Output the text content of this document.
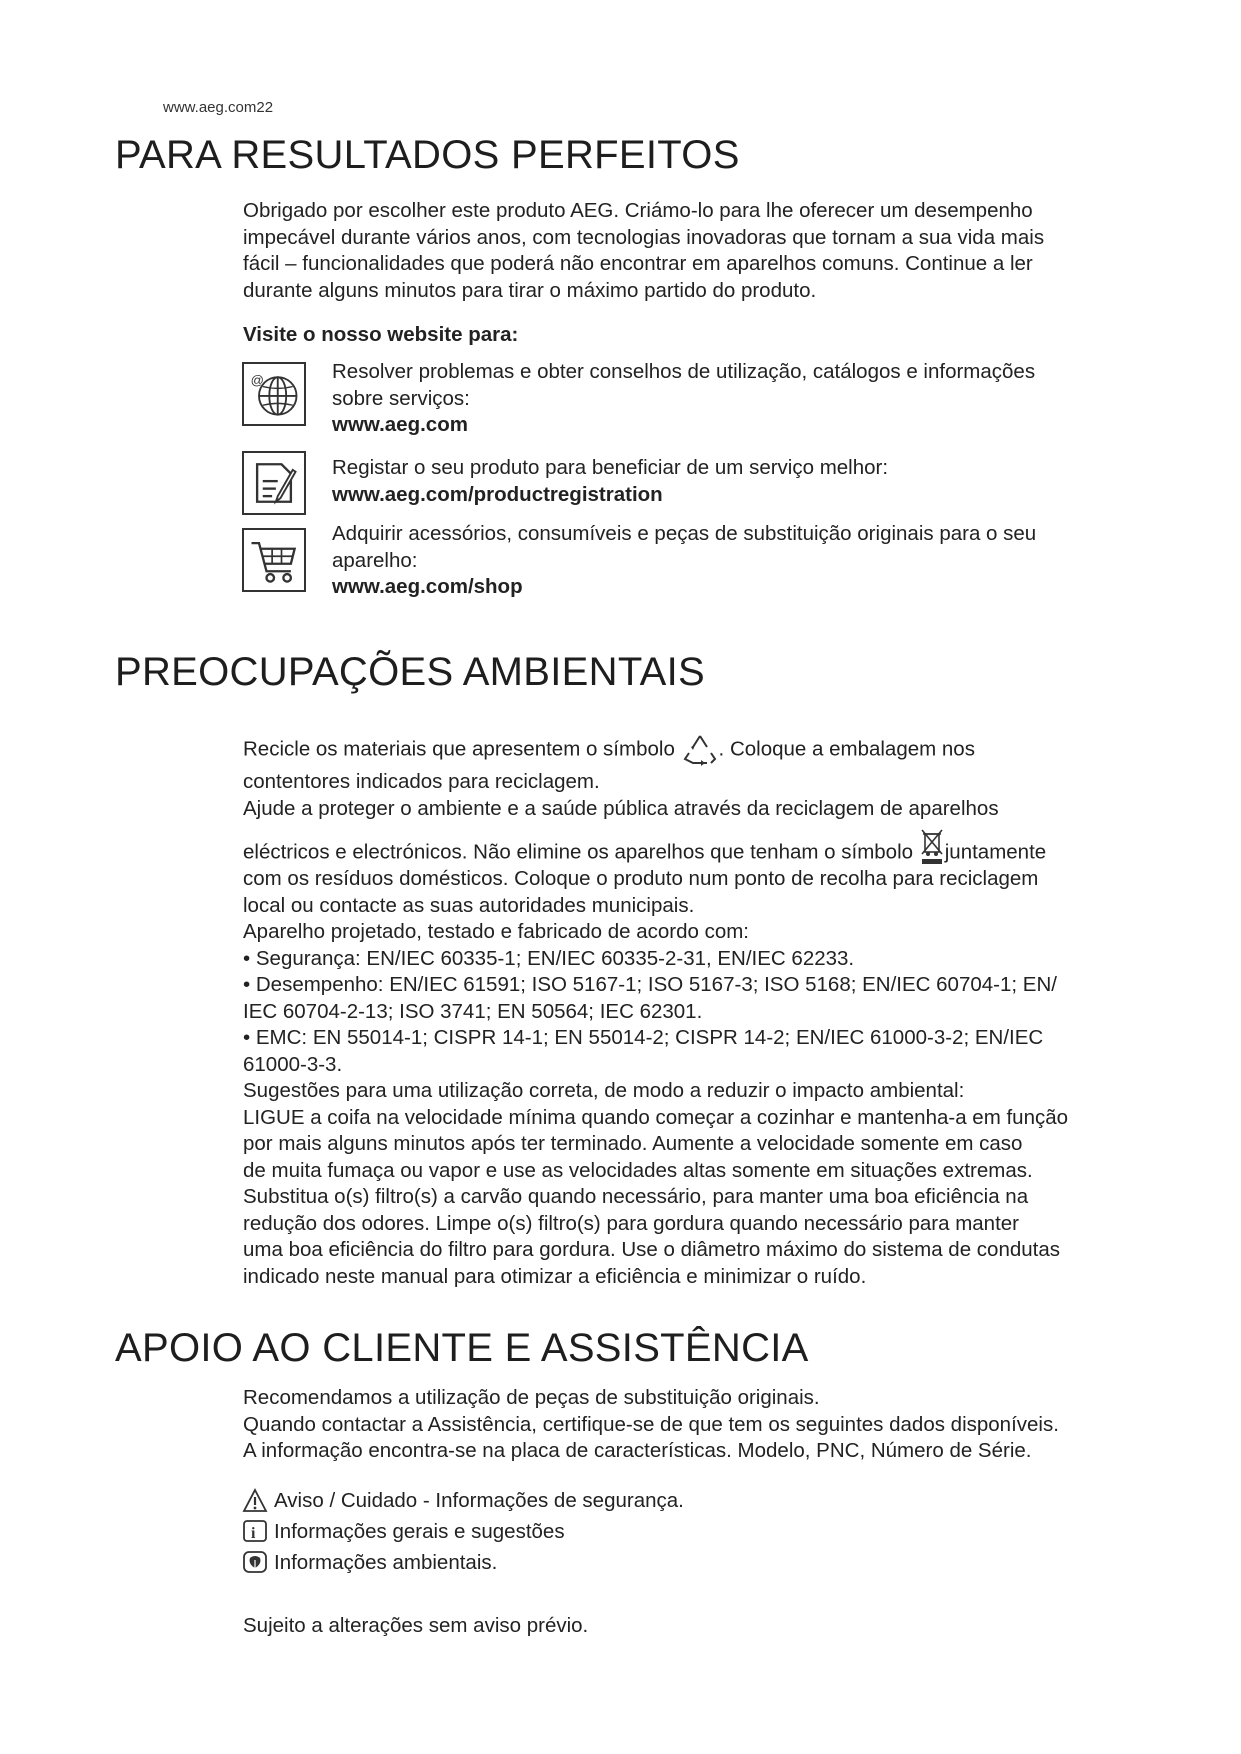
www.aeg.com22
PARA RESULTADOS PERFEITOS

Obrigado por escolher este produto AEG. Criámo-lo para lhe oferecer um desempenho

impecável durante vários anos, com tecnologias inovadoras que tornam a sua vida mais

fácil – funcionalidades que poderá não encontrar em aparelhos comuns. Continue a ler

durante alguns minutos para tirar o máximo partido do produto.

Visite o nosso website para:
@	Resolver problemas e obter conselhos de utilização, catálogos e informações
sobre serviços:
www.aeg.com
Registar o seu produto para beneficiar de um serviço melhor:
www.aeg.com/productregistration
Adquirir acessórios, consumíveis e peças de substituição originais para o seu
aparelho:
www.aeg.com/shop
PREOCUPAÇÕES AMBIENTAIS

Recicle os materiais que apresentem o símbolo . Coloque a embalagem nos

contentores indicados para reciclagem.

Ajude a proteger o ambiente e a saúde pública através da reciclagem de aparelhos

eléctricos e electrónicos. Não elimine os aparelhos que tenham o símbolo juntamente

com os resíduos domésticos. Coloque o produto num ponto de recolha para reciclagem

local ou contacte as suas autoridades municipais.

Aparelho projetado, testado e fabricado de acordo com:

• Segurança: EN/IEC 60335-1; EN/IEC 60335-2-31, EN/IEC 62233.

• Desempenho: EN/IEC 61591; ISO 5167-1; ISO 5167-3; ISO 5168; EN/IEC 60704-1; EN/

IEC 60704-2-13; ISO 3741; EN 50564; IEC 62301.

• EMC: EN 55014-1; CISPR 14-1; EN 55014-2; CISPR 14-2; EN/IEC 61000-3-2; EN/IEC

61000-3-3.

Sugestões para uma utilização correta, de modo a reduzir o impacto ambiental:

LIGUE a coifa na velocidade mínima quando começar a cozinhar e mantenha-a em função

por mais alguns minutos após ter terminado. Aumente a velocidade somente em caso

de muita fumaça ou vapor e use as velocidades altas somente em situações extremas.

Substitua o(s) filtro(s) a carvão quando necessário, para manter uma boa eficiência na

redução dos odores. Limpe o(s) filtro(s) para gordura quando necessário para manter

uma boa eficiência do filtro para gordura. Use o diâmetro máximo do sistema de condutas

indicado neste manual para otimizar a eficiência e minimizar o ruído.

APOIO AO CLIENTE E ASSISTÊNCIA

Recomendamos a utilização de peças de substituição originais.

Quando contactar a Assistência, certifique-se de que tem os seguintes dados disponíveis.

A informação encontra-se na placa de características. Modelo, PNC, Número de Série.

Aviso / Cuidado - Informações de segurança.
i Informações gerais e sugestões
Informações ambientais.
Sujeito a alterações sem aviso prévio.
